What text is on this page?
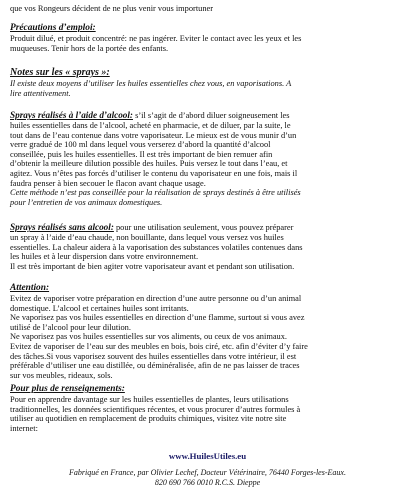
que vos Rongeurs décident de ne plus venir vous importuner

Précautions d’emploi:

Produit dilué, et produit concentré: ne pas ingérer. Eviter le contact avec les yeux et les

muqueuses. Tenir hors de la portée des enfants.

Notes sur les « sprays »:

Il existe deux moyens d’utiliser les huiles essentielles chez vous, en vaporisations. A

lire attentivement.

Sprays réalisés à l’aide d’alcool: s’il s’agit de d’abord diluer soigneusement les

huiles essentielles dans de l’alcool, acheté en pharmacie, et de diluer, par la suite, le

tout dans de l’eau contenue dans votre vaporisateur. Le mieux est de vous munir d’un

verre gradué de 100 ml dans lequel vous verserez d’abord la quantité d’alcool

conseillée, puis les huiles essentielles. Il est très important de bien remuer afin

d’obtenir la meilleure dilution possible des huiles. Puis versez le tout dans l’eau, et

agitez. Vous n’êtes pas forcés d’utiliser le contenu du vaporisateur en une fois, mais il

faudra penser à bien secouer le flacon avant chaque usage.

Cette méthode n’est pas conseillée pour la réalisation de sprays destinés à être utilisés

pour l’entretien de vos animaux domestiques.

Sprays réalisés sans alcool: pour une utilisation seulement, vous pouvez préparer

un spray à l’aide d’eau chaude, non bouillante, dans lequel vous versez vos huiles

essentielles. La chaleur aidera à la vaporisation des substances volatiles contenues dans

les huiles et à leur dispersion dans votre environnement.

Il est très important de bien agiter votre vaporisateur avant et pendant son utilisation.

Attention:

Evitez de vaporiser votre préparation en direction d’une autre personne ou d’un animal

domestique. L’alcool et certaines huiles sont irritants.

Ne vaporisez pas vos huiles essentielles en direction d’une flamme, surtout si vous avez

utilisé de l’alcool pour leur dilution.

Ne vaporisez pas vos huiles essentielles sur vos aliments, ou ceux de vos animaux.

Evitez de vaporiser de l’eau sur des meubles en bois, bois ciré, etc. afin d’éviter d’y faire

des tâches.Si vous vaporisez souvent des huiles essentielles dans votre intérieur, il est

préférable d’utiliser une eau distillée, ou déminéralisée, afin de ne pas laisser de traces

sur vos meubles, rideaux, sols.

Pour plus de renseignements:

Pour en apprendre davantage sur les huiles essentielles de plantes, leurs utilisations

traditionnelles, les données scientifiques récentes, et vous procurer d’autres formules à

utiliser au quotidien en remplacement de produits chimiques, visitez vite notre site

internet:

www.HuilesUtiles.eu

Fabriqué en France, par Olivier Lechef, Docteur Vétérinaire, 76440 Forges-les-Eaux.

820 690 766 0010 R.C.S. Dieppe
